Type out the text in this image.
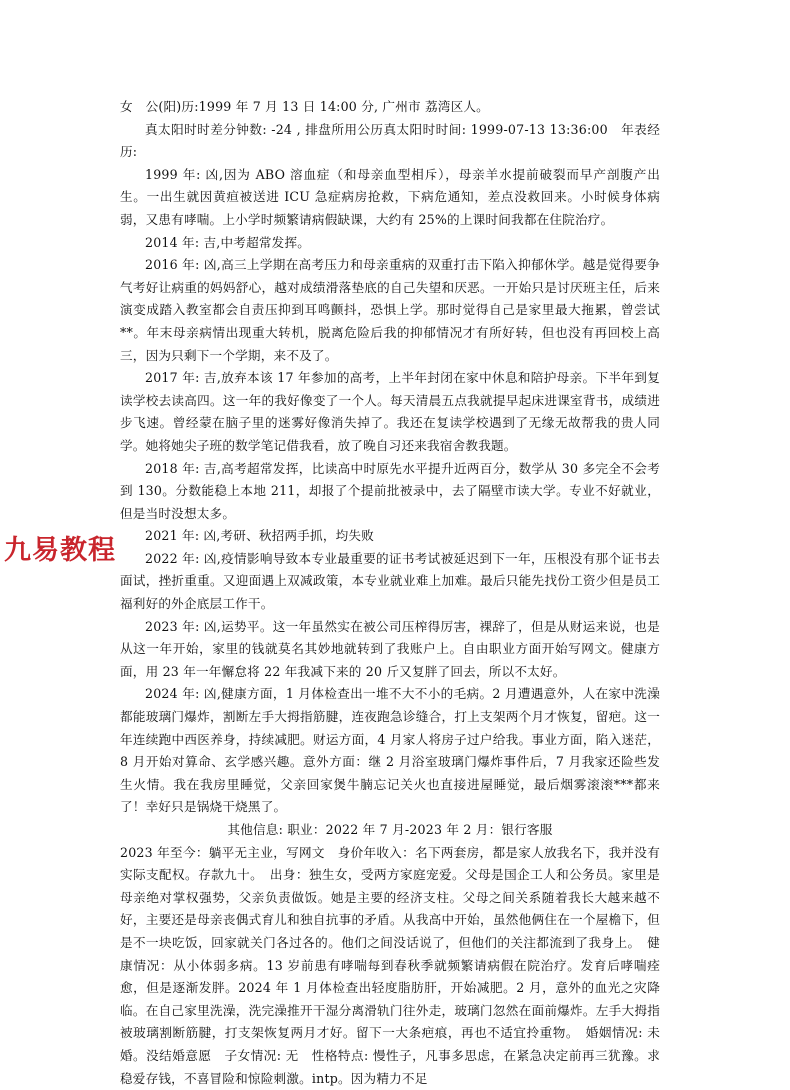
女　公(阳)历:1999 年 7 月 13 日 14:00 分, 广州市 荔湾区人。

真太阳时时差分钟数: -24 , 排盘所用公历真太阳时时间: 1999-07-13 13:36:00　年表经历:

1999 年: 凶,因为 ABO 溶血症（和母亲血型相斥），母亲羊水提前破裂而早产剖腹产出生。一出生就因黄疸被送进 ICU 急症病房抢救，下病危通知，差点没救回来。小时候身体病弱，又患有哮喘。上小学时频繁请病假缺课，大约有 25%的上课时间我都在住院治疗。

2014 年: 吉,中考超常发挥。

2016 年: 凶,高三上学期在高考压力和母亲重病的双重打击下陷入抑郁休学。越是觉得要争气考好让病重的妈妈舒心，越对成绩滑落垫底的自己失望和厌恶。一开始只是讨厌班主任，后来演变成踏入教室都会自责压抑到耳鸣颤抖，恐惧上学。那时觉得自己是家里最大拖累，曾尝试**。年末母亲病情出现重大转机，脱离危险后我的抑郁情况才有所好转，但也没有再回校上高三，因为只剩下一个学期，来不及了。

2017 年: 吉,放弃本该 17 年参加的高考，上半年封闭在家中休息和陪护母亲。下半年到复读学校去读高四。这一年的我好像变了一个人。每天清晨五点我就提早起床进课室背书，成绩进步飞速。曾经蒙在脑子里的迷雾好像消失掉了。我还在复读学校遇到了无缘无故帮我的贵人同学。她将她尖子班的数学笔记借我看，放了晚自习还来我宿舍教我题。

2018 年: 吉,高考超常发挥，比读高中时原先水平提升近两百分，数学从 30 多完全不会考到 130。分数能稳上本地 211，却报了个提前批被录中，去了隔壁市读大学。专业不好就业，但是当时没想太多。

2021 年: 凶,考研、秋招两手抓，均失败

2022 年: 凶,疫情影响导致本专业最重要的证书考试被延迟到下一年，压根没有那个证书去面试，挫折重重。又迎面遇上双减政策，本专业就业难上加难。最后只能先找份工资少但是员工福利好的外企底层工作干。

2023 年: 凶,运势平。这一年虽然实在被公司压榨得厉害，裸辞了，但是从财运来说，也是从这一年开始，家里的钱就莫名其妙地就转到了我账户上。自由职业方面开始写网文。健康方面，用 23 年一年懈怠将 22 年我减下来的 20 斤又复胖了回去，所以不太好。

2024 年: 凶,健康方面，1 月体检查出一堆不大不小的毛病。2 月遭遇意外，人在家中洗澡都能玻璃门爆炸，割断左手大拇指筋腱，连夜跑急诊缝合，打上支架两个月才恢复，留疤。这一年连续跑中西医养身，持续减肥。财运方面，4 月家人将房子过户给我。事业方面，陷入迷茫，8 月开始对算命、玄学感兴趣。意外方面：继 2 月浴室玻璃门爆炸事件后，7 月我家还险些发生火情。我在我房里睡觉，父亲回家煲牛腩忘记关火也直接进屋睡觉，最后烟雾滚滚***都来了！幸好只是锅烧干烧黑了。

其他信息: 职业：2022 年 7 月-2023 年 2 月：银行客服

2023 年至今：躺平无主业，写网文　身价年收入：名下两套房，都是家人放我名下，我并没有实际支配权。存款九十。　出身：独生女，受两方家庭宠爱。父母是国企工人和公务员。家里是母亲绝对掌权强势，父亲负责做饭。她是主要的经济支柱。父母之间关系随着我长大越来越不好，主要还是母亲丧偶式育儿和独自抗事的矛盾。从我高中开始，虽然他俩住在一个屋檐下，但是不一块吃饭，回家就关门各过各的。他们之间没话说了，但他们的关注都流到了我身上。　健康情况：从小体弱多病。13 岁前患有哮喘每到春秋季就频繁请病假在院治疗。发育后哮喘痊愈，但是逐渐发胖。2024 年 1 月体检查出轻度脂肪肝，开始减肥。2 月，意外的血光之灾降临。在自己家里洗澡，洗完澡推开干湿分离滑轨门往外走，玻璃门忽然在面前爆炸。左手大拇指被玻璃割断筋腱，打支架恢复两月才好。留下一大条疤痕，再也不适宜拎重物。　婚姻情况: 未婚。没结婚意愿　子女情况: 无　性格特点: 慢性子，凡事多思虑，在紧急决定前再三犹豫。求稳爱存钱，不喜冒险和惊险刺激。intp。因为精力不足

九易教程
